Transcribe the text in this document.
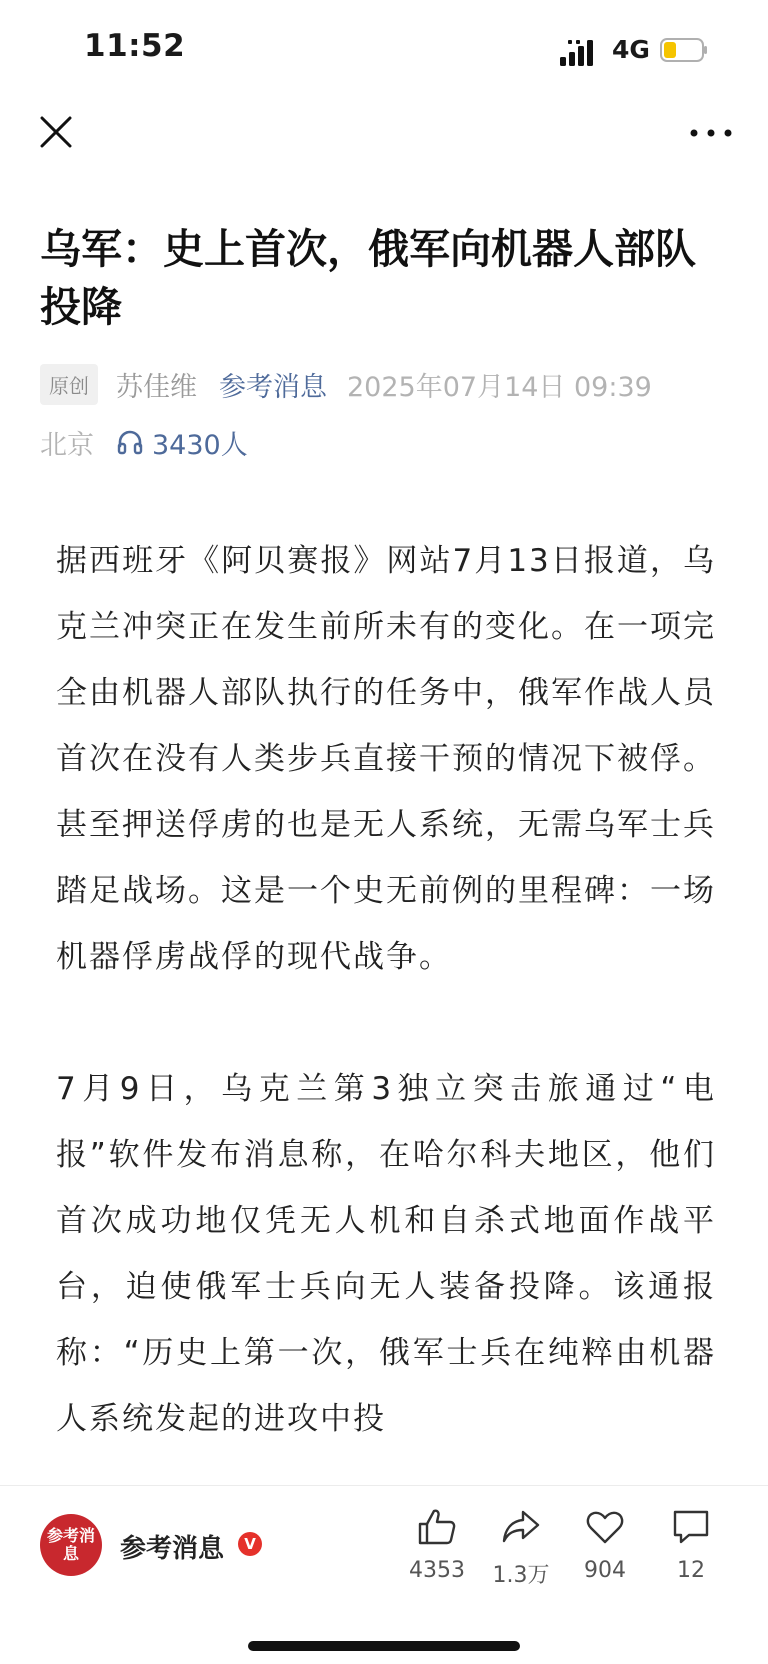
11:52	4G
乌军：史上首次，俄军向机器人部队投降
原创	苏佳维 参考消息 2025年07月14日 09:39
北京 3430人

据西班牙《阿贝赛报》网站7月13日报道，乌克兰冲突正在发生前所未有的变化。在一项完全由机器人部队执行的任务中，俄军作战人员首次在没有人类步兵直接干预的情况下被俘。甚至押送俘虏的也是无人系统，无需乌军士兵踏足战场。这是一个史无前例的里程碑：一场机器俘虏战俘的现代战争。

7月9日，乌克兰第3独立突击旅通过“电报”软件发布消息称，在哈尔科夫地区，他们首次成功地仅凭无人机和自杀式地面作战平台，迫使俄军士兵向无人装备投降。该通报称：“历史上第一次，俄军士兵在纯粹由机器人系统发起的进攻中投

参考消息	参考消息	V
4353	1.3万	904	12
